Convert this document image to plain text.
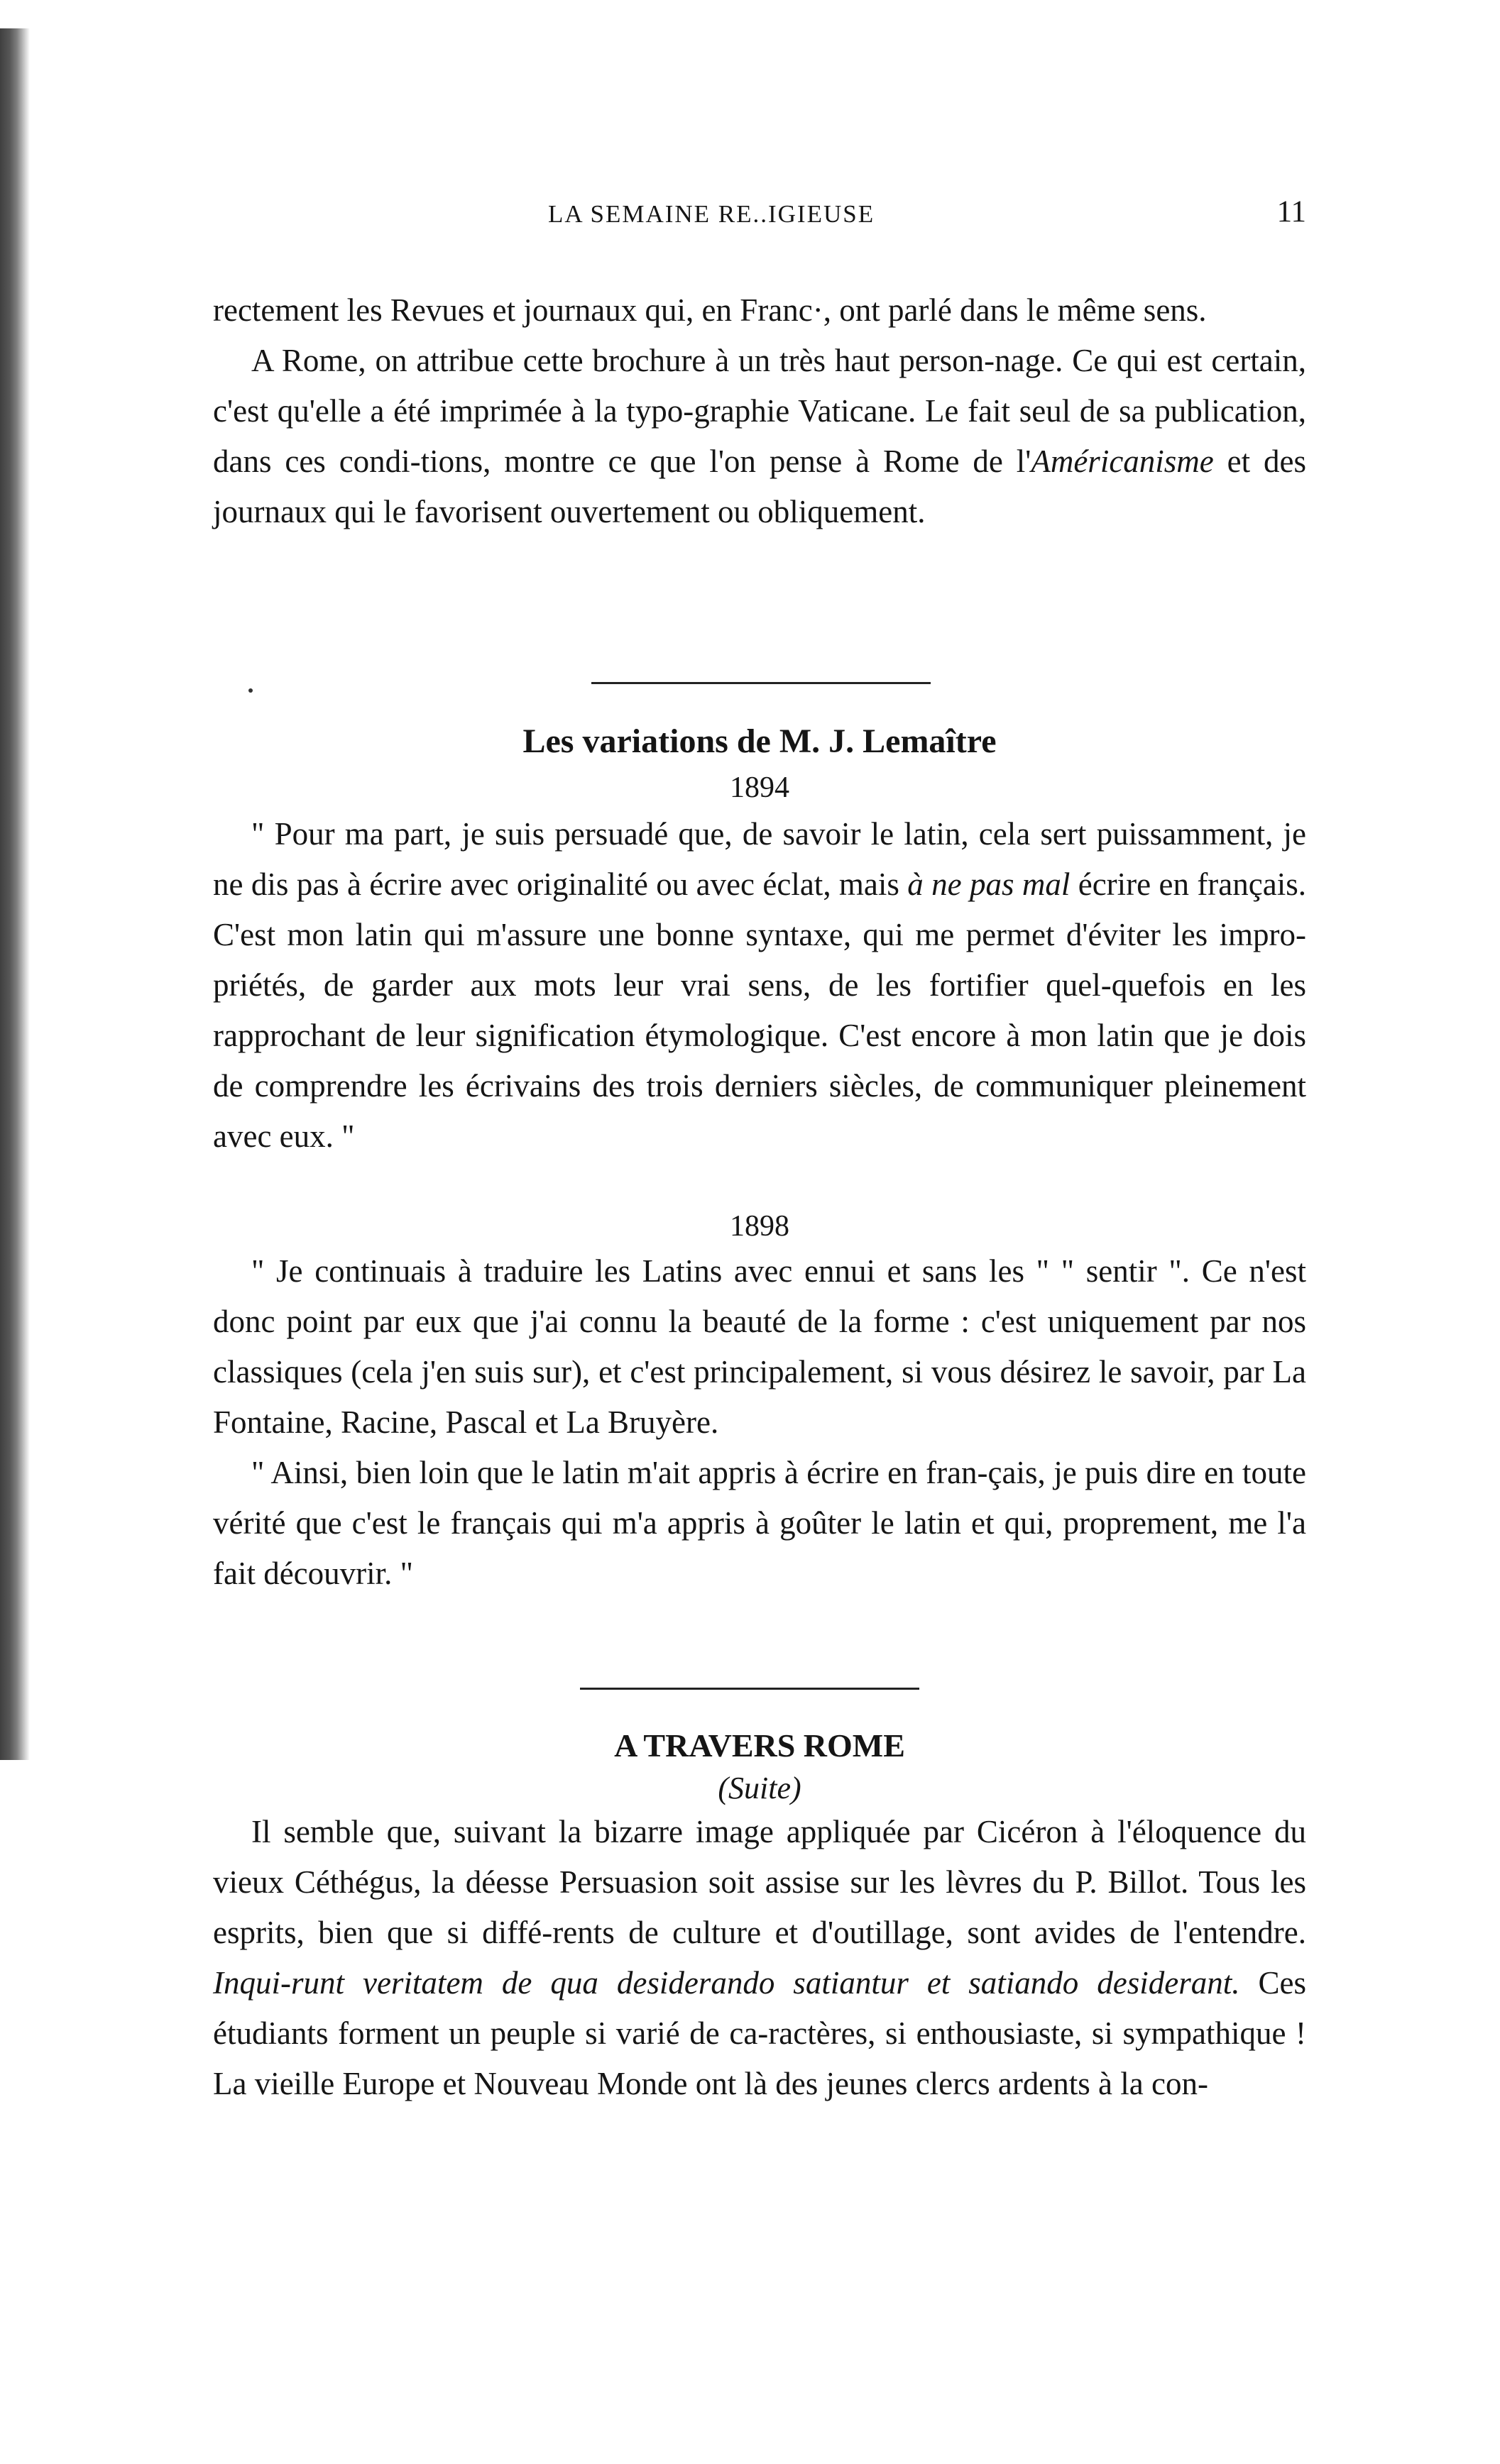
LA SEMAINE RE..IGIEUSE	11

rectement les Revues et journaux qui, en Franc·, ont parlé dans le même sens.

A Rome, on attribue cette brochure à un très haut person-nage. Ce qui est certain, c'est qu'elle a été imprimée à la typo-graphie Vaticane. Le fait seul de sa publication, dans ces condi-tions, montre ce que l'on pense à Rome de l'Américanisme et des journaux qui le favorisent ouvertement ou obliquement.

Les variations de M. J. Lemaître

1894

" Pour ma part, je suis persuadé que, de savoir le latin, cela sert puissamment, je ne dis pas à écrire avec originalité ou avec éclat, mais à ne pas mal écrire en français. C'est mon latin qui m'assure une bonne syntaxe, qui me permet d'éviter les impro-priétés, de garder aux mots leur vrai sens, de les fortifier quel-quefois en les rapprochant de leur signification étymologique. C'est encore à mon latin que je dois de comprendre les écrivains des trois derniers siècles, de communiquer pleinement avec eux. "

1898

" Je continuais à traduire les Latins avec ennui et sans les " " sentir ". Ce n'est donc point par eux que j'ai connu la beauté de la forme : c'est uniquement par nos classiques (cela j'en suis sur), et c'est principalement, si vous désirez le savoir, par La Fontaine, Racine, Pascal et La Bruyère.

" Ainsi, bien loin que le latin m'ait appris à écrire en fran-çais, je puis dire en toute vérité que c'est le français qui m'a appris à goûter le latin et qui, proprement, me l'a fait découvrir. "

A TRAVERS ROME

(Suite)

Il semble que, suivant la bizarre image appliquée par Cicéron à l'éloquence du vieux Céthégus, la déesse Persuasion soit assise sur les lèvres du P. Billot. Tous les esprits, bien que si diffé-rents de culture et d'outillage, sont avides de l'entendre. Inqui-runt veritatem de qua desiderando satiantur et satiando desiderant. Ces étudiants forment un peuple si varié de ca-ractères, si enthousiaste, si sympathique ! La vieille Europe et Nouveau Monde ont là des jeunes clercs ardents à la con-
